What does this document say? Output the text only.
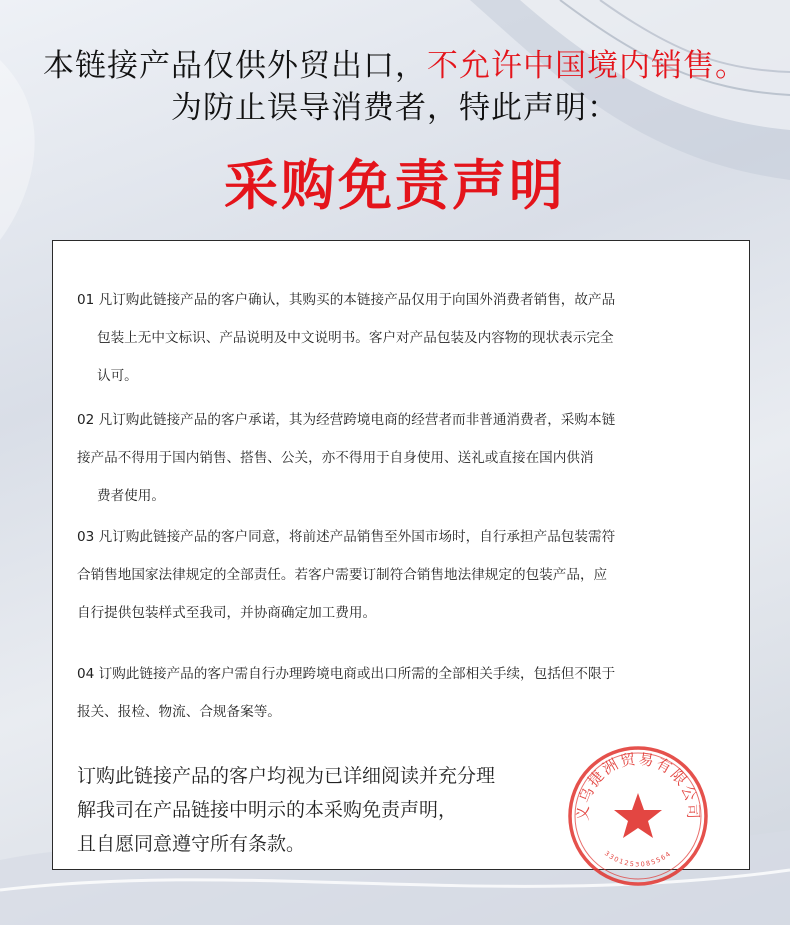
本链接产品仅供外贸出口，不允许中国境内销售。
为防止误导消费者，特此声明：
采购免责声明
01 凡订购此链接产品的客户确认，其购买的本链接产品仅用于向国外消费者销售，故产品
包装上无中文标识、产品说明及中文说明书。客户对产品包装及内容物的现状表示完全
认可。
02 凡订购此链接产品的客户承诺，其为经营跨境电商的经营者而非普通消费者，采购本链
接产品不得用于国内销售、搭售、公关，亦不得用于自身使用、送礼或直接在国内供消
费者使用。
03 凡订购此链接产品的客户同意，将前述产品销售至外国市场时，自行承担产品包装需符
合销售地国家法律规定的全部责任。若客户需要订制符合销售地法律规定的包装产品，应
自行提供包装样式至我司，并协商确定加工费用。
04 订购此链接产品的客户需自行办理跨境电商或出口所需的全部相关手续，包括但不限于
报关、报检、物流、合规备案等。
订购此链接产品的客户均视为已详细阅读并充分理
解我司在产品链接中明示的本采购免责声明，
且自愿同意遵守所有条款。
义乌捷洲贸易有限公司
3301253085564
